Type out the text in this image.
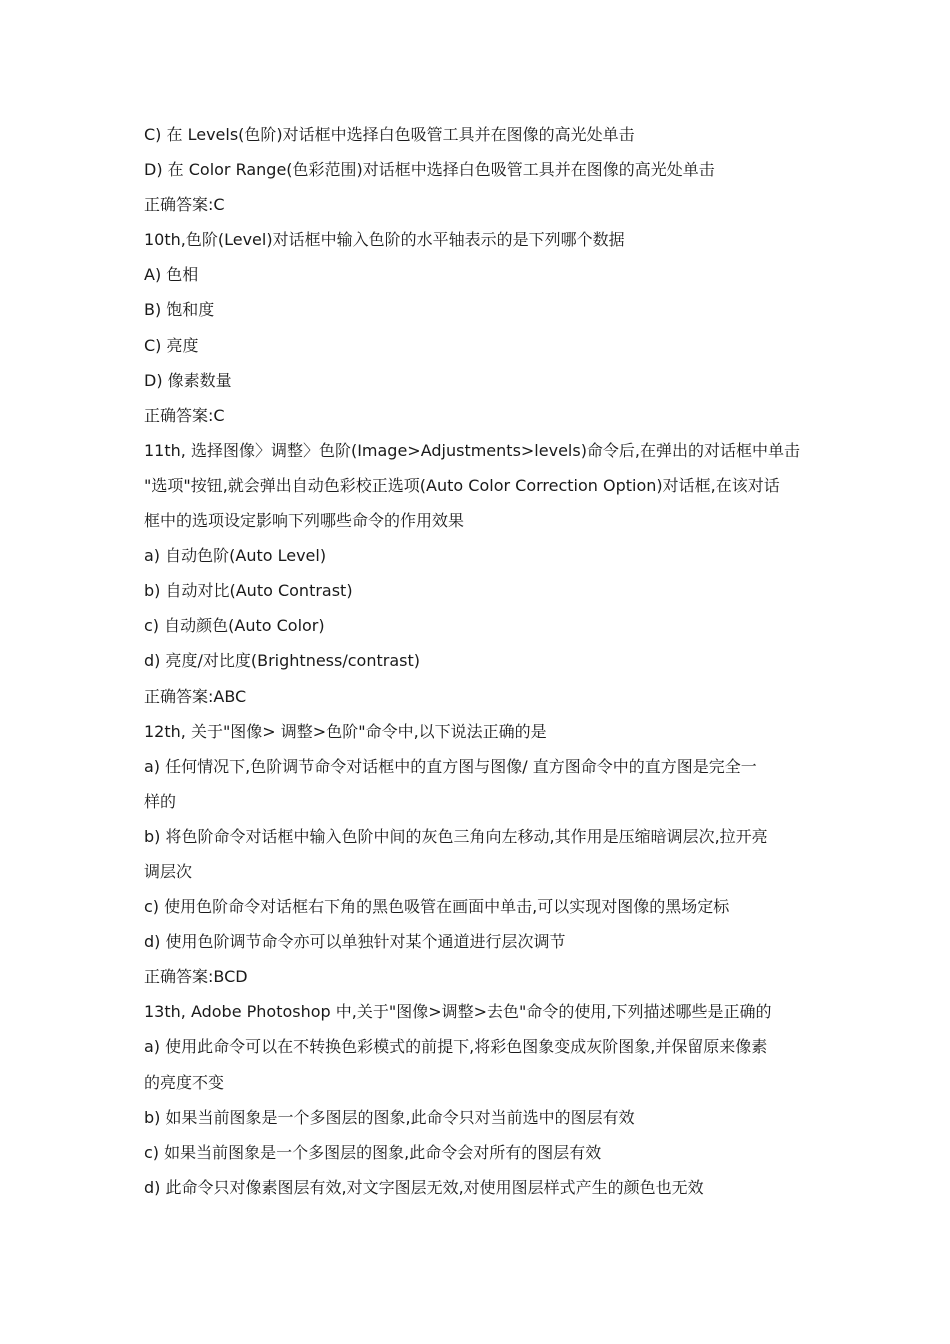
C) 在 Levels(色阶)对话框中选择白色吸管工具并在图像的高光处单击
D) 在 Color Range(色彩范围)对话框中选择白色吸管工具并在图像的高光处单击
正确答案:C
10th,色阶(Level)对话框中输入色阶的水平轴表示的是下列哪个数据
A) 色相
B) 饱和度
C) 亮度
D) 像素数量
正确答案:C
11th, 选择图像〉调整〉色阶(Image>Adjustments>levels)命令后,在弹出的对话框中单击
"选项"按钮,就会弹出自动色彩校正选项(Auto Color Correction Option)对话框,在该对话
框中的选项设定影响下列哪些命令的作用效果
a) 自动色阶(Auto Level)
b) 自动对比(Auto Contrast)
c) 自动颜色(Auto Color)
d) 亮度/对比度(Brightness/contrast)
正确答案:ABC
12th, 关于"图像> 调整>色阶"命令中,以下说法正确的是
a) 任何情况下,色阶调节命令对话框中的直方图与图像/ 直方图命令中的直方图是完全一
样的
b) 将色阶命令对话框中输入色阶中间的灰色三角向左移动,其作用是压缩暗调层次,拉开亮
调层次
c) 使用色阶命令对话框右下角的黑色吸管在画面中单击,可以实现对图像的黑场定标
d) 使用色阶调节命令亦可以单独针对某个通道进行层次调节
正确答案:BCD
13th, Adobe Photoshop 中,关于"图像>调整>去色"命令的使用,下列描述哪些是正确的
a) 使用此命令可以在不转换色彩模式的前提下,将彩色图象变成灰阶图象,并保留原来像素
的亮度不变
b) 如果当前图象是一个多图层的图象,此命令只对当前选中的图层有效
c) 如果当前图象是一个多图层的图象,此命令会对所有的图层有效
d) 此命令只对像素图层有效,对文字图层无效,对使用图层样式产生的颜色也无效
